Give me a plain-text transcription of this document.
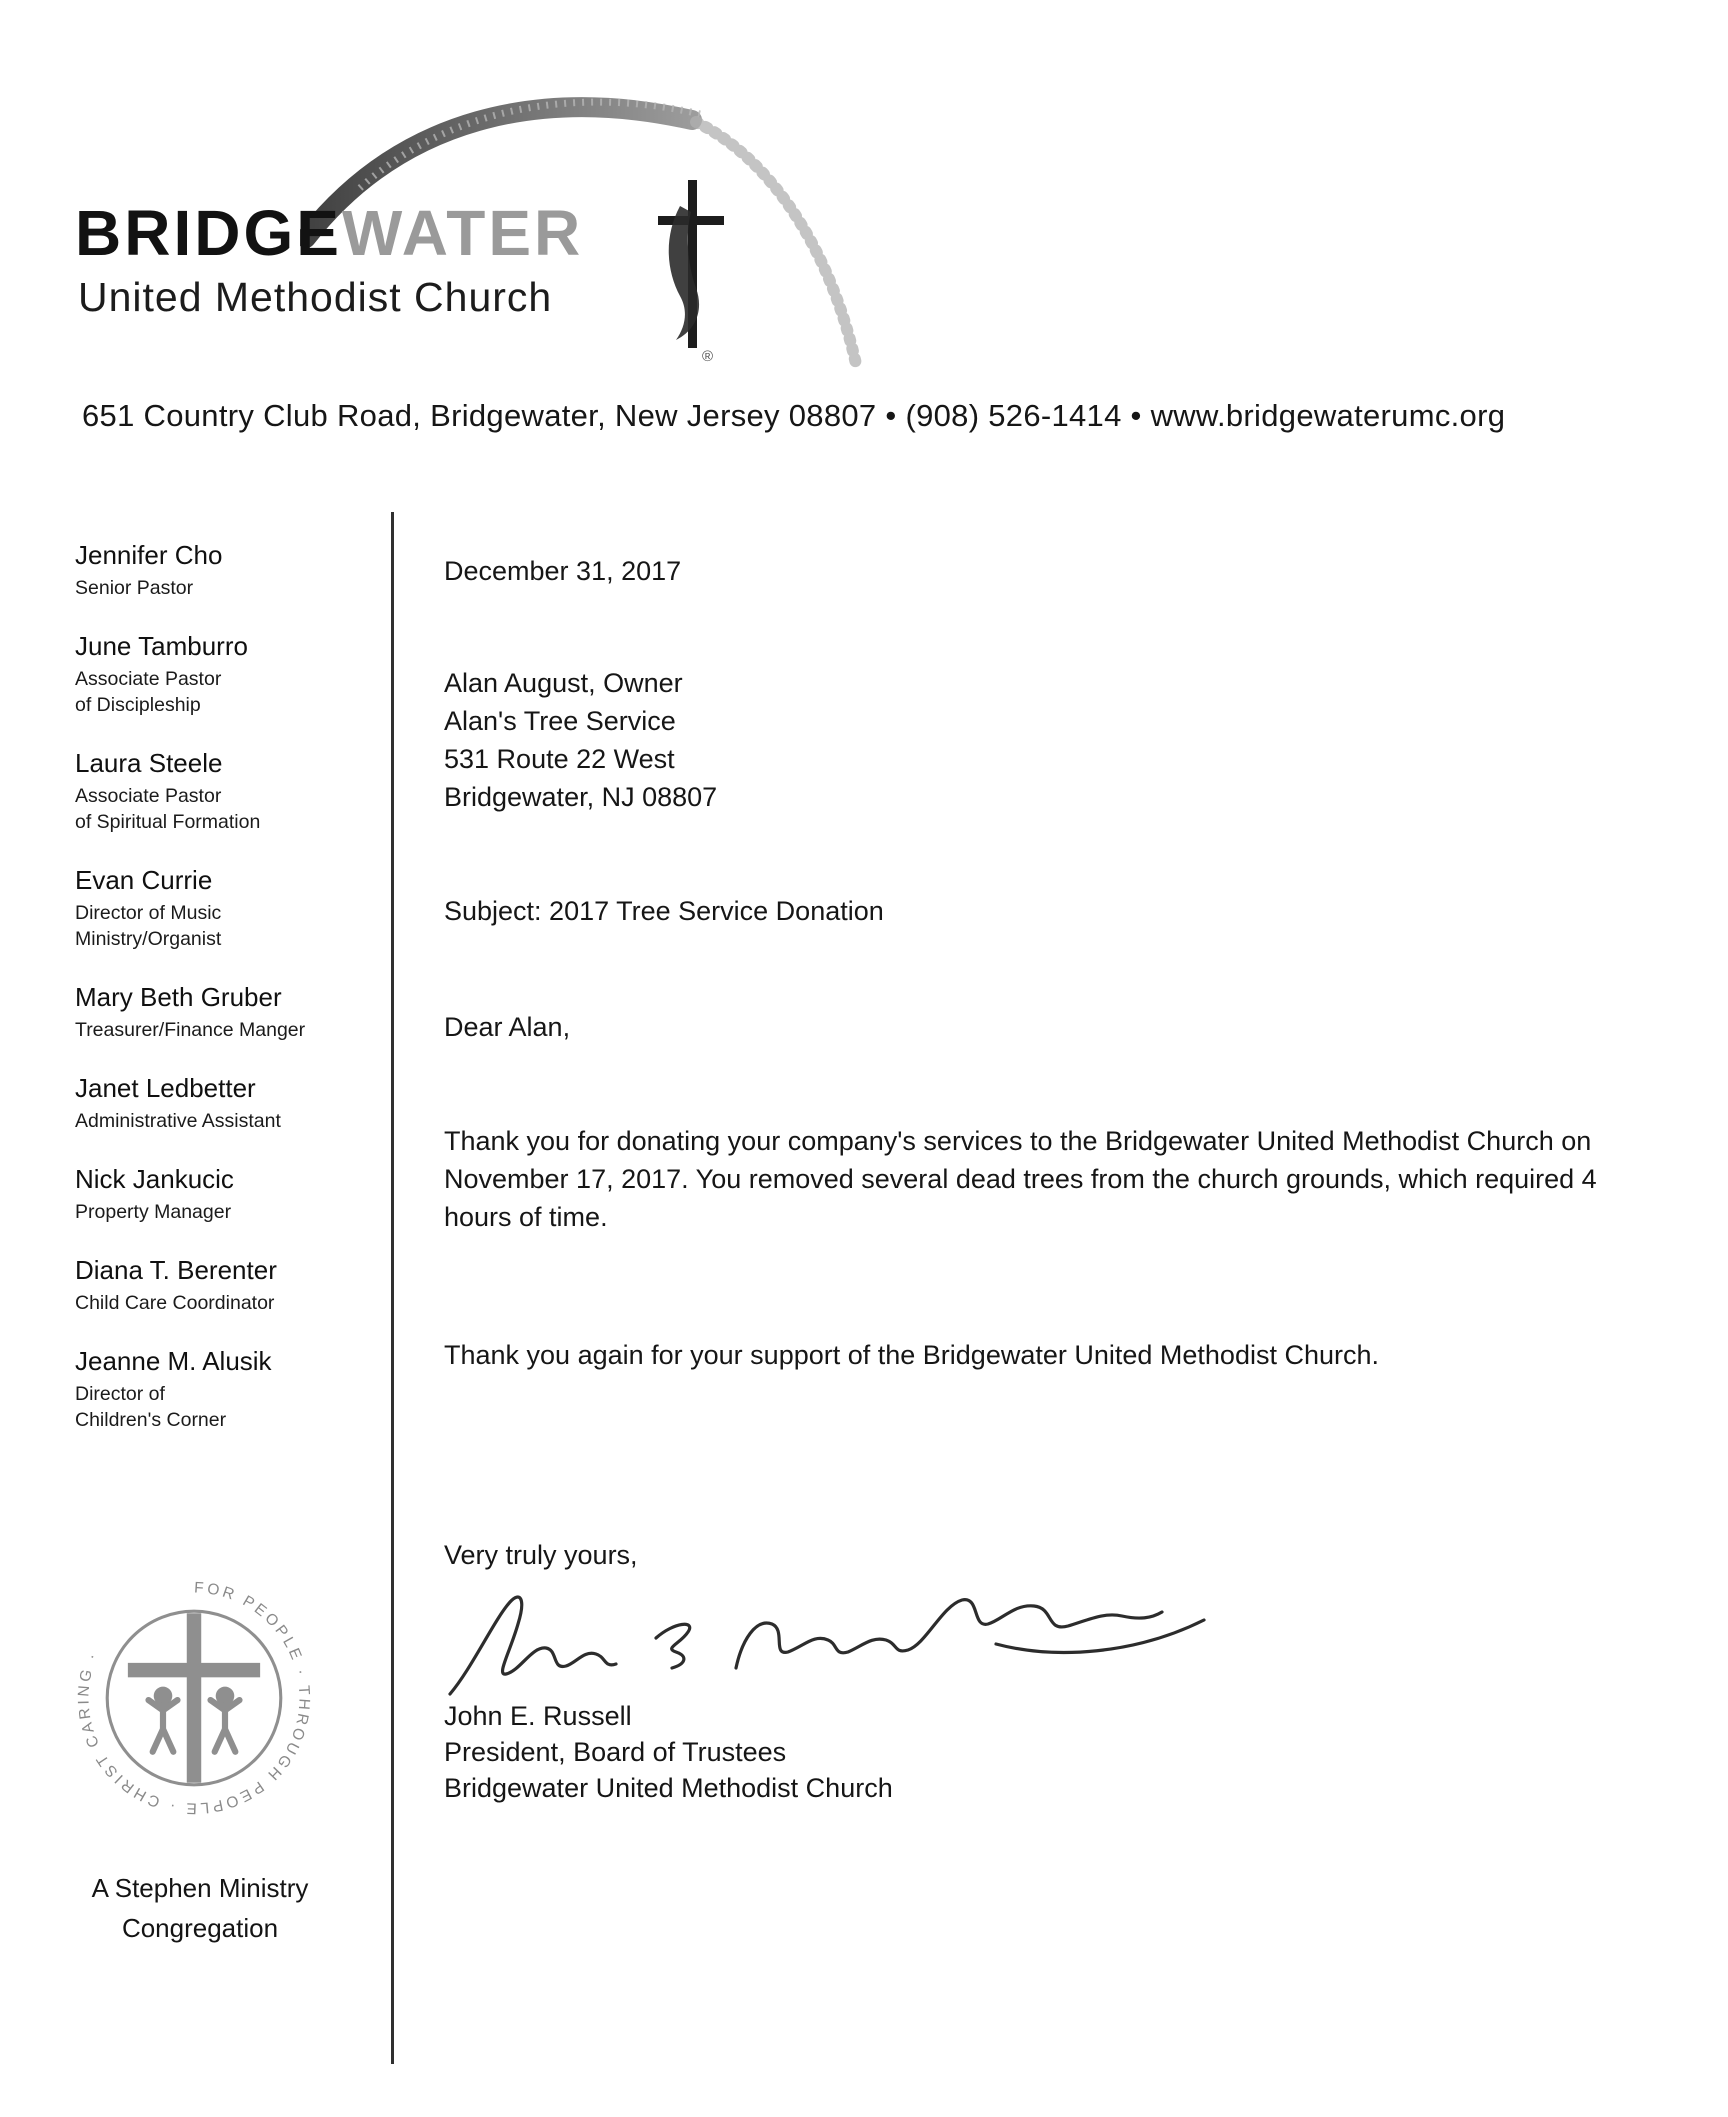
BRIDGEWATER
United Methodist Church
®
651 Country Club Road, Bridgewater, New Jersey 08807 • (908) 526-1414 • www.bridgewaterumc.org
Jennifer Cho
Senior Pastor
June Tamburro
Associate Pastor
of Discipleship
Laura Steele
Associate Pastor
of Spiritual Formation
Evan Currie
Director of Music
Ministry/Organist
Mary Beth Gruber
Treasurer/Finance Manger
Janet Ledbetter
Administrative Assistant
Nick Jankucic
Property Manager
Diana T. Berenter
Child Care Coordinator
Jeanne M. Alusik
Director of
Children's Corner
FOR PEOPLE · THROUGH PEOPLE · CHRIST CARING ·
A Stephen Ministry
Congregation
December 31, 2017
Alan August, Owner
Alan's Tree Service
531 Route 22 West
Bridgewater, NJ 08807
Subject: 2017 Tree Service Donation
Dear Alan,

Thank you for donating your company's services to the Bridgewater United Methodist Church on November 17, 2017. You removed several dead trees from the church grounds, which required 4 hours of time.

Thank you again for your support of the Bridgewater United Methodist Church.

Very truly yours,
John E. Russell
President, Board of Trustees
Bridgewater United Methodist Church
